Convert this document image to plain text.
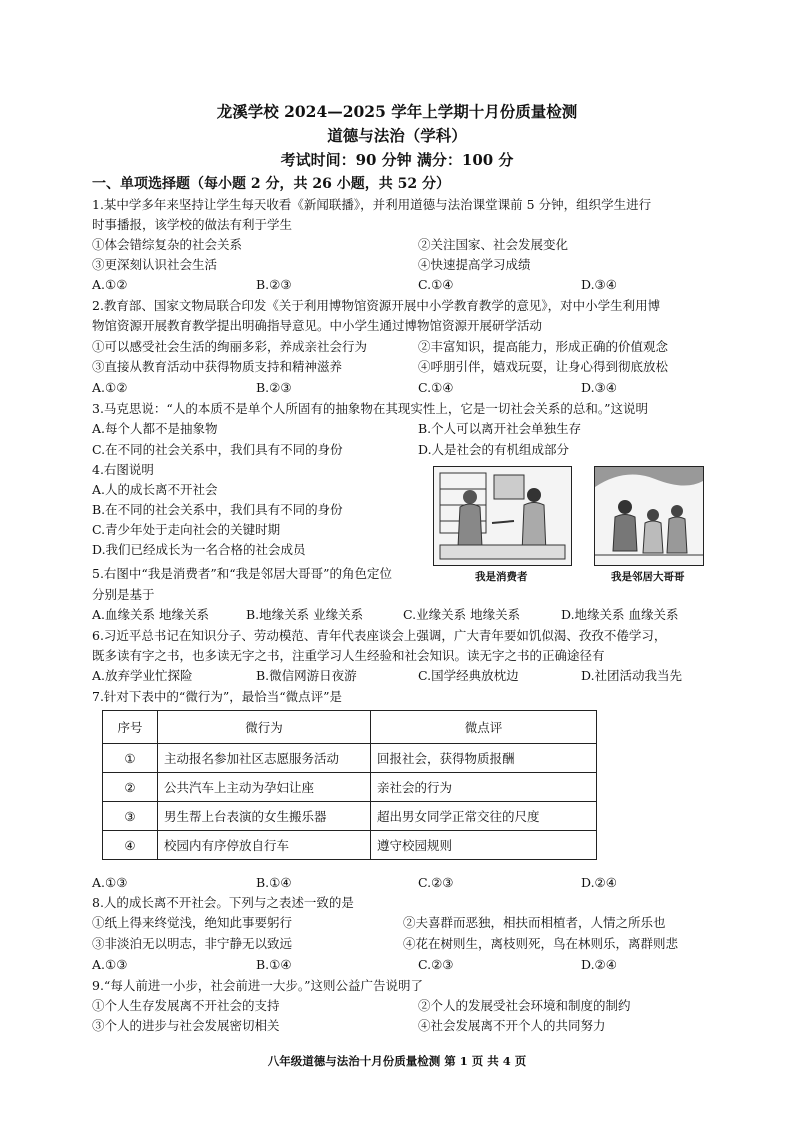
龙溪学校 2024—2025 学年上学期十月份质量检测
道德与法治（学科）
考试时间：90 分钟 满分：100 分
一、单项选择题（每小题 2 分，共 26 小题，共 52 分）
1.某中学多年来坚持让学生每天收看《新闻联播》，并利用道德与法治课堂课前 5 分钟，组织学生进行
时事播报，该学校的做法有利于学生
①体会错综复杂的社会关系	②关注国家、社会发展变化
③更深刻认识社会生活	④快速提高学习成绩
A.①②	B.②③	C.①④	D.③④
2.教育部、国家文物局联合印发《关于利用博物馆资源开展中小学教育教学的意见》，对中小学生利用博
物馆资源开展教育教学提出明确指导意见。中小学生通过博物馆资源开展研学活动
①可以感受社会生活的绚丽多彩，养成亲社会行为	②丰富知识，提高能力，形成正确的价值观念
③直接从教育活动中获得物质支持和精神滋养	④呼朋引伴，嬉戏玩耍，让身心得到彻底放松
A.①②	B.②③	C.①④	D.③④
3.马克思说：“人的本质不是单个人所固有的抽象物在其现实性上，它是一切社会关系的总和。”这说明
A.每个人都不是抽象物	B.个人可以离开社会单独生存
C.在不同的社会关系中，我们具有不同的身份	D.人是社会的有机组成部分
4.右图说明
A.人的成长离不开社会
B.在不同的社会关系中，我们具有不同的身份
C.青少年处于走向社会的关键时期
D.我们已经成长为一名合格的社会成员
我是消费者	我是邻居大哥哥
5.右图中“我是消费者”和“我是邻居大哥哥”的角色定位
分别是基于
A.血缘关系 地缘关系	B.地缘关系 业缘关系	C.业缘关系 地缘关系	D.地缘关系 血缘关系
6.习近平总书记在知识分子、劳动模范、青年代表座谈会上强调，广大青年要如饥似渴、孜孜不倦学习，
既多读有字之书，也多读无字之书，注重学习人生经验和社会知识。读无字之书的正确途径有
A.放弃学业忙探险	B.微信网游日夜游	C.国学经典放枕边	D.社团活动我当先
7.针对下表中的“微行为”，最恰当“微点评”是
序号	微行为	微点评
①	主动报名参加社区志愿服务活动	回报社会，获得物质报酬
②	公共汽车上主动为孕妇让座	亲社会的行为
③	男生帮上台表演的女生搬乐器	超出男女同学正常交往的尺度
④	校园内有序停放自行车	遵守校园规则
A.①③	B.①④	C.②③	D.②④
8.人的成长离不开社会。下列与之表述一致的是
①纸上得来终觉浅，绝知此事要躬行	②夫喜群而恶独，相扶而相植者，人情之所乐也
③非淡泊无以明志，非宁静无以致远	④花在树则生，离枝则死，鸟在林则乐，离群则悲
A.①③	B.①④	C.②③	D.②④
9.“每人前进一小步，社会前进一大步。”这则公益广告说明了
①个人生存发展离不开社会的支持	②个人的发展受社会环境和制度的制约
③个人的进步与社会发展密切相关	④社会发展离不开个人的共同努力
八年级道德与法治十月份质量检测 第 1 页 共 4 页
